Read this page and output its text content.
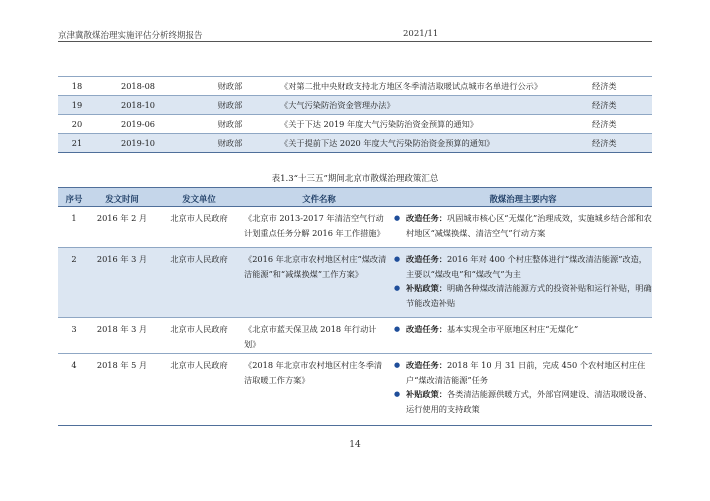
京津冀散煤治理实施评估分析终期报告	2021/11
18	2018-08	财政部	《对第二批中央财政支持北方地区冬季清洁取暖试点城市名单进行公示》	经济类
19	2018-10	财政部	《大气污染防治资金管理办法》	经济类
20	2019-06	财政部	《关于下达 2019 年度大气污染防治资金预算的通知》	经济类
21	2019-10	财政部	《关于提前下达 2020 年度大气污染防治资金预算的通知》	经济类
表1.3“十三五”期间北京市散煤治理政策汇总
序号	发文时间	发文单位	文件名称	散煤治理主要内容
1	2016 年 2 月	北京市人民政府	《北京市 2013-2017 年清洁空气行动计划重点任务分解 2016 年工作措施》	● 改造任务：巩固城市核心区“无煤化”治理成效，实施城乡结合部和农村地区“减煤换煤、清洁空气”行动方案

2	2016 年 3 月	北京市人民政府	《2016 年北京市农村地区村庄“煤改清洁能源”和“减煤换煤”工作方案》	● 改造任务：2016 年对 400 个村庄整体进行“煤改清洁能源”改造，主要以“煤改电”和“煤改气”为主
● 补贴政策：明确各种煤改清洁能源方式的投资补贴和运行补贴，明确节能改造补贴

3	2018 年 3 月	北京市人民政府	《北京市蓝天保卫战 2018 年行动计划》	● 改造任务：基本实现全市平原地区村庄“无煤化”

4	2018 年 5 月	北京市人民政府	《2018 年北京市农村地区村庄冬季清洁取暖工作方案》	● 改造任务：2018 年 10 月 31 日前，完成 450 个农村地区村庄住户“煤改清洁能源”任务
● 补贴政策：各类清洁能源供暖方式，外部官网建设、清洁取暖设备、运行使用的支持政策
14
